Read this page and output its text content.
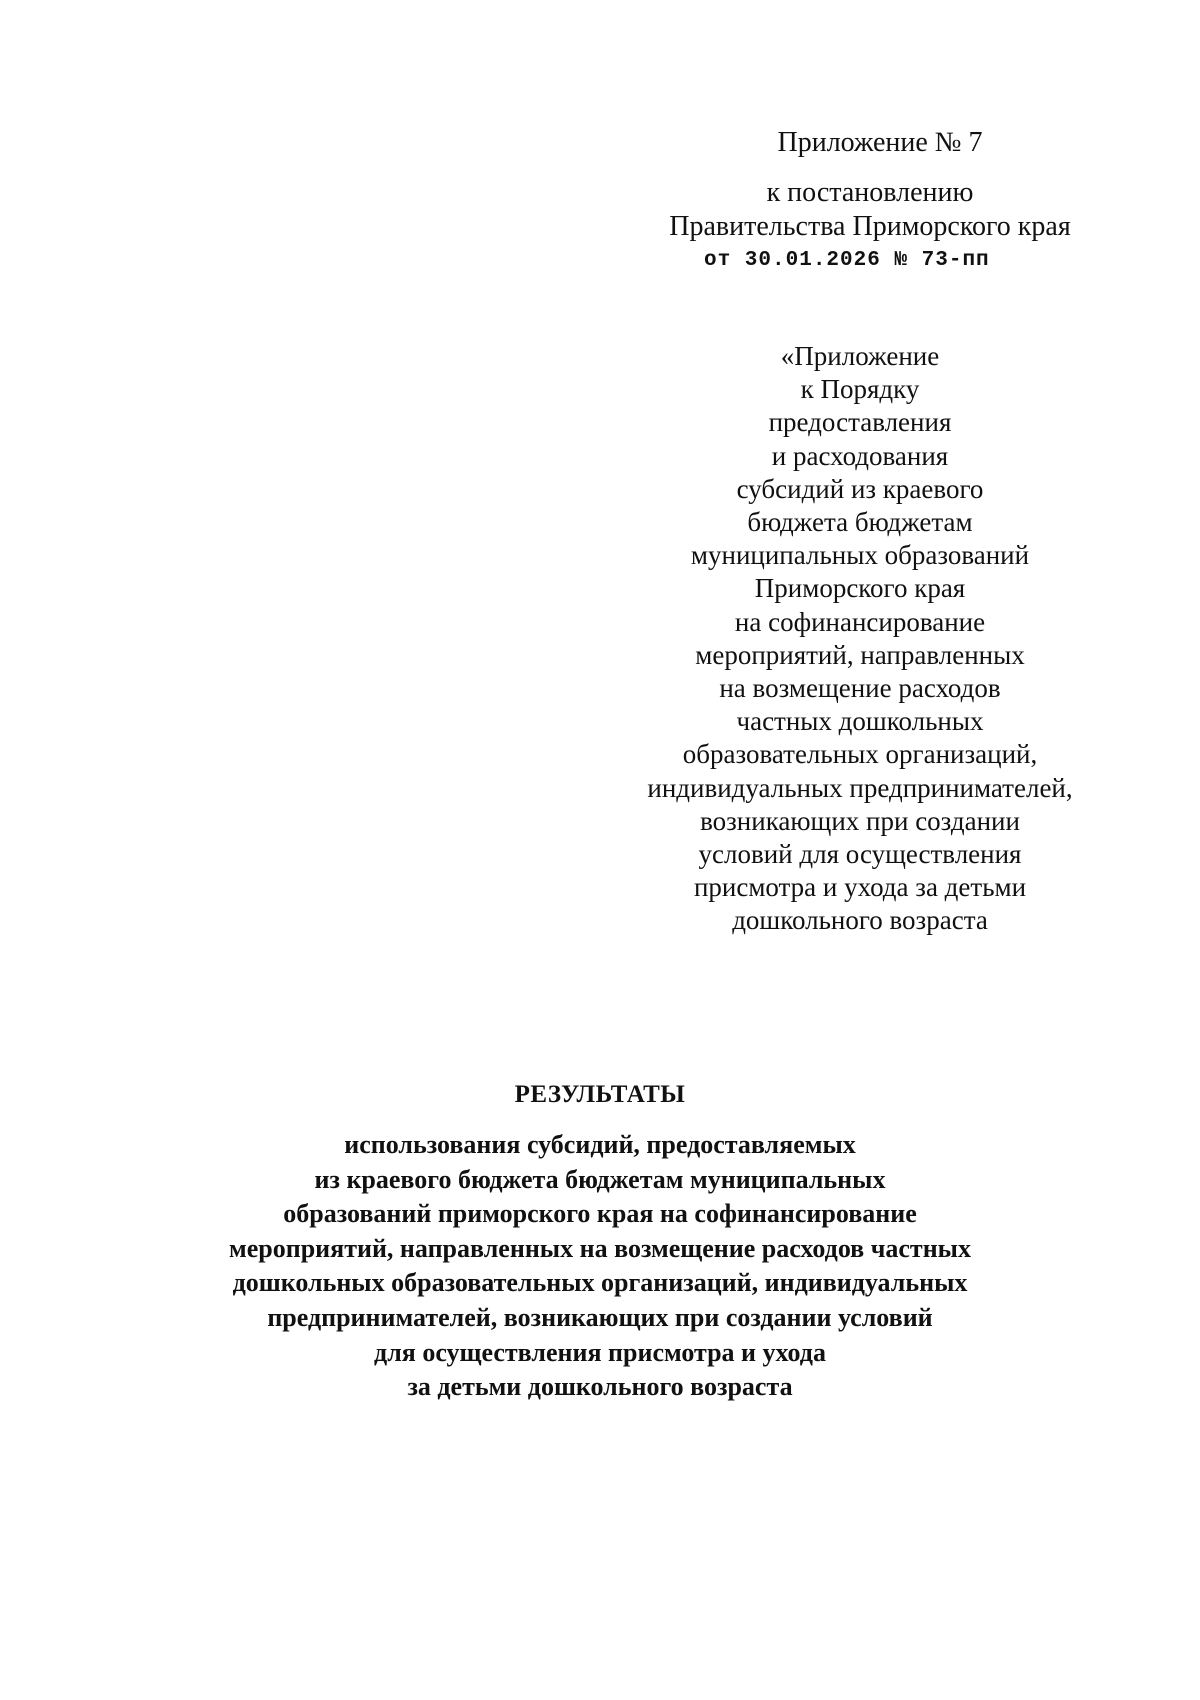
Приложение № 7

к постановлению

Правительства Приморского края

от 30.01.2026 № 73-пп

«Приложение
к Порядку
предоставления
и расходования
субсидий из краевого
бюджета бюджетам
муниципальных образований
Приморского края
на софинансирование
мероприятий, направленных
на возмещение расходов
частных дошкольных
образовательных организаций,
индивидуальных предпринимателей,
возникающих при создании
условий для осуществления
присмотра и ухода за детьми
дошкольного возраста

РЕЗУЛЬТАТЫ

использования субсидий, предоставляемых
из краевого бюджета бюджетам муниципальных
образований приморского края на софинансирование
мероприятий, направленных на возмещение расходов частных
дошкольных образовательных организаций, индивидуальных
предпринимателей, возникающих при создании условий
для осуществления присмотра и ухода
за детьми дошкольного возраста
